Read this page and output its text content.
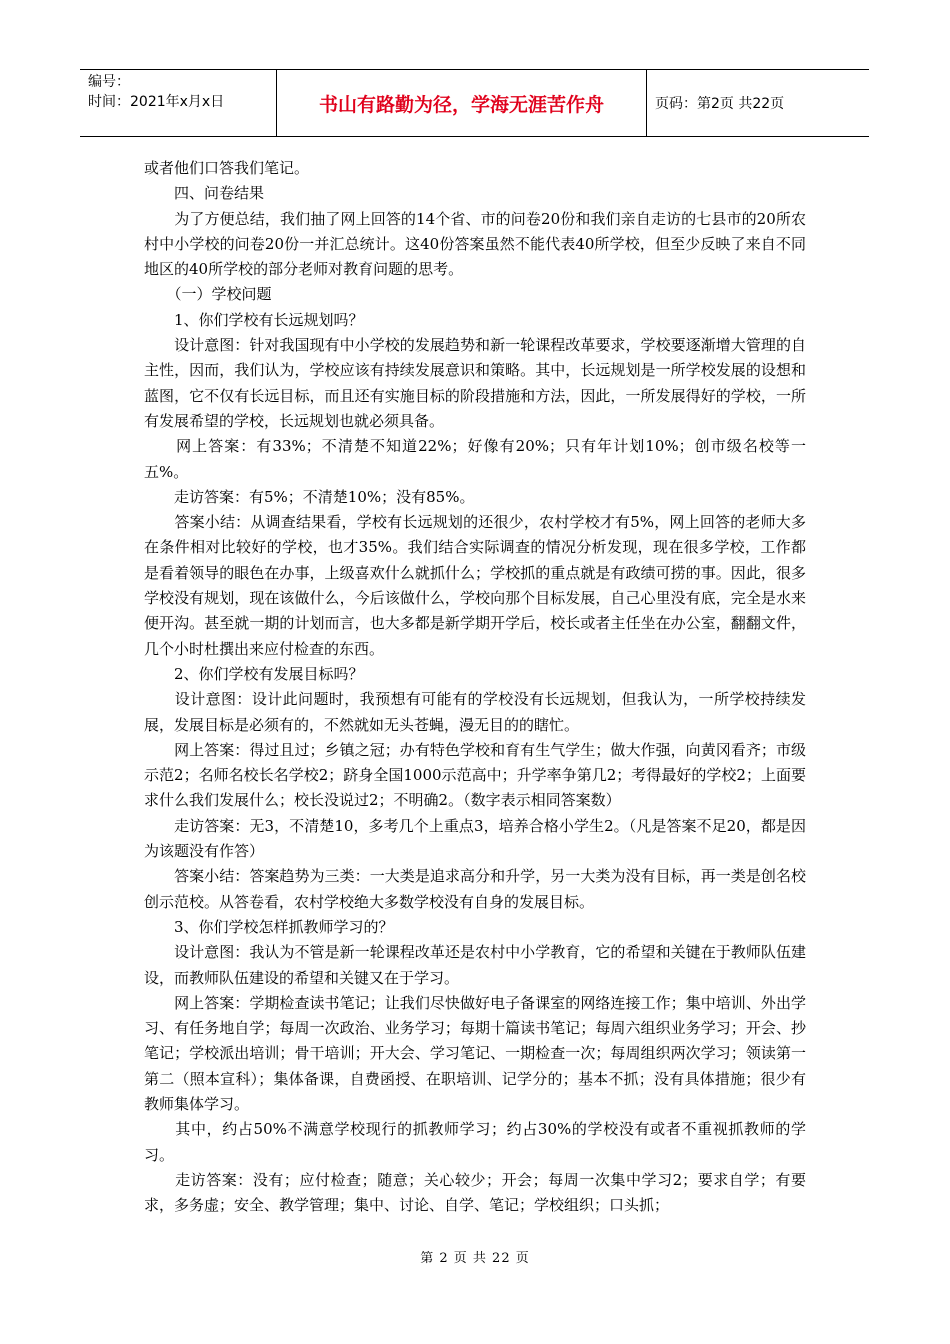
编号：
时间：2021年x月x日	书山有路勤为径，学海无涯苦作舟	页码：第2页 共22页

或者他们口答我们笔记。

　　四、问卷结果

　　为了方便总结，我们抽了网上回答的14个省、市的问卷20份和我们亲自走访的七县市的20所农村中小学校的问卷20份一并汇总统计。这40份答案虽然不能代表40所学校，但至少反映了来自不同地区的40所学校的部分老师对教育问题的思考。

　　（一）学校问题

　　1、你们学校有长远规划吗？

　　设计意图：针对我国现有中小学校的发展趋势和新一轮课程改革要求，学校要逐渐增大管理的自主性，因而，我们认为，学校应该有持续发展意识和策略。其中，长远规划是一所学校发展的设想和蓝图，它不仅有长远目标，而且还有实施目标的阶段措施和方法，因此，一所发展得好的学校，一所有发展希望的学校，长远规划也就必须具备。

　　网上答案：有33%；不清楚不知道22%；好像有20%；只有年计划10%；创市级名校等一五%。

　　走访答案：有5%；不清楚10%；没有85%。

　　答案小结：从调查结果看，学校有长远规划的还很少，农村学校才有5%，网上回答的老师大多在条件相对比较好的学校，也才35%。我们结合实际调查的情况分析发现，现在很多学校，工作都是看着领导的眼色在办事，上级喜欢什么就抓什么；学校抓的重点就是有政绩可捞的事。因此，很多学校没有规划，现在该做什么，今后该做什么，学校向那个目标发展，自己心里没有底，完全是水来便开沟。甚至就一期的计划而言，也大多都是新学期开学后，校长或者主任坐在办公室，翻翻文件，几个小时杜撰出来应付检查的东西。

　　2、你们学校有发展目标吗？

　　设计意图：设计此问题时，我预想有可能有的学校没有长远规划，但我认为，一所学校持续发展，发展目标是必须有的，不然就如无头苍蝇，漫无目的的瞎忙。

　　网上答案：得过且过；乡镇之冠；办有特色学校和育有生气学生；做大作强，向黄冈看齐；市级示范2；名师名校长名学校2；跻身全国1000示范高中；升学率争第几2；考得最好的学校2；上面要求什么我们发展什么；校长没说过2；不明确2。（数字表示相同答案数）

　　走访答案：无3，不清楚10，多考几个上重点3，培养合格小学生2。（凡是答案不足20，都是因为该题没有作答）

　　答案小结：答案趋势为三类：一大类是追求高分和升学，另一大类为没有目标，再一类是创名校创示范校。从答卷看，农村学校绝大多数学校没有自身的发展目标。

　　3、你们学校怎样抓教师学习的？

　　设计意图：我认为不管是新一轮课程改革还是农村中小学教育，它的希望和关键在于教师队伍建设，而教师队伍建设的希望和关键又在于学习。

　　网上答案：学期检查读书笔记；让我们尽快做好电子备课室的网络连接工作；集中培训、外出学习、有任务地自学；每周一次政治、业务学习；每期十篇读书笔记；每周六组织业务学习；开会、抄笔记；学校派出培训；骨干培训；开大会、学习笔记、一期检查一次；每周组织两次学习；领读第一第二（照本宣科）；集体备课，自费函授、在职培训、记学分的；基本不抓；没有具体措施；很少有教师集体学习。

　　其中，约占50%不满意学校现行的抓教师学习；约占30%的学校没有或者不重视抓教师的学习。

　　走访答案：没有；应付检查；随意；关心较少；开会；每周一次集中学习2；要求自学；有要求，多务虚；安全、教学管理；集中、讨论、自学、笔记；学校组织；口头抓；

第 2 页 共 22 页
